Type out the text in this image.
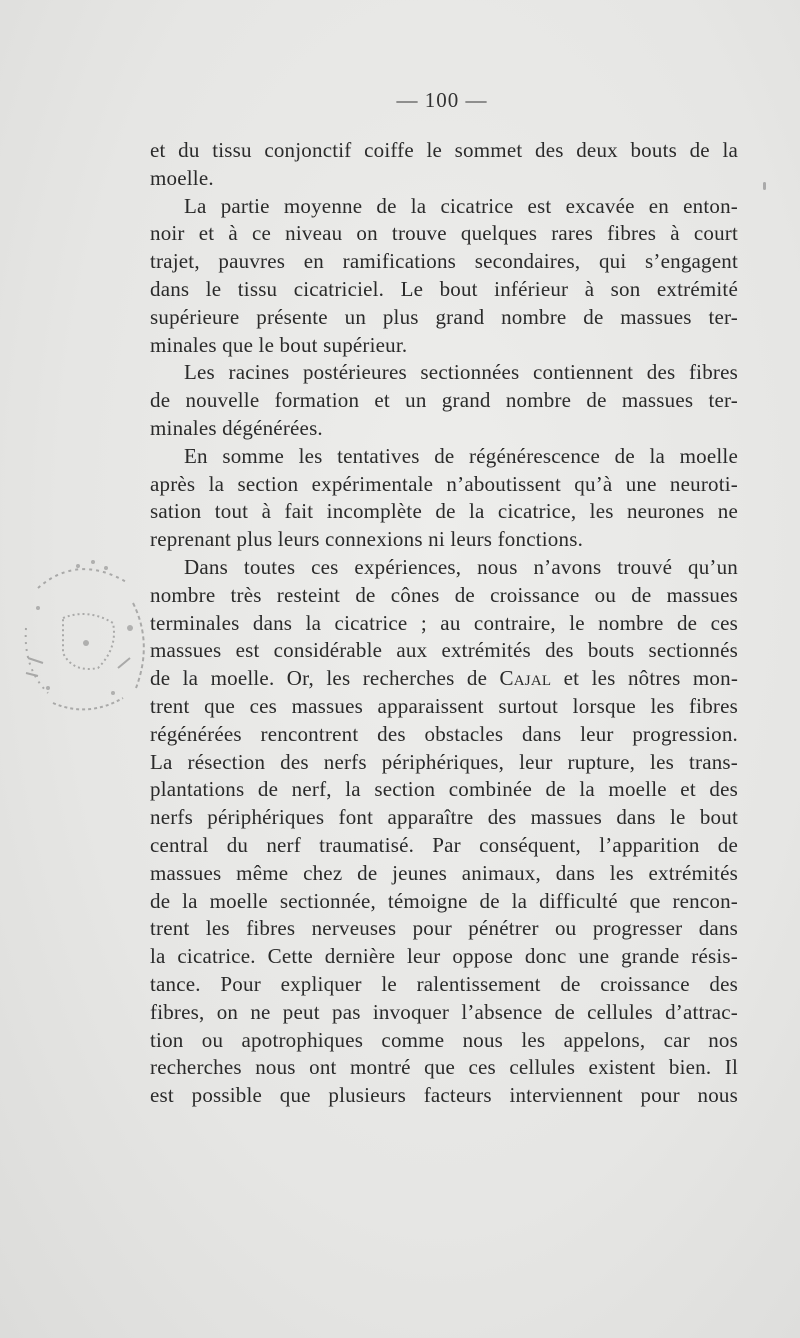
— 100 —
et du tissu conjonctif coiffe le sommet des deux bouts de la
moelle.
La partie moyenne de la cicatrice est excavée en enton-
noir et à ce niveau on trouve quelques rares fibres à court
trajet, pauvres en ramifications secondaires, qui s’engagent
dans le tissu cicatriciel. Le bout inférieur à son extrémité
supérieure présente un plus grand nombre de massues ter-
minales que le bout supérieur.
Les racines postérieures sectionnées contiennent des fibres
de nouvelle formation et un grand nombre de massues ter-
minales dégénérées.
En somme les tentatives de régénérescence de la moelle
après la section expérimentale n’aboutissent qu’à une neuroti-
sation tout à fait incomplète de la cicatrice, les neurones ne
reprenant plus leurs connexions ni leurs fonctions.
Dans toutes ces expériences, nous n’avons trouvé qu’un
nombre très resteint de cônes de croissance ou de massues
terminales dans la cicatrice ; au contraire, le nombre de ces
massues est considérable aux extrémités des bouts sectionnés
de la moelle. Or, les recherches de Cajal et les nôtres mon-
trent que ces massues apparaissent surtout lorsque les fibres
régénérées rencontrent des obstacles dans leur progression.
La résection des nerfs périphériques, leur rupture, les trans-
plantations de nerf, la section combinée de la moelle et des
nerfs périphériques font apparaître des massues dans le bout
central du nerf traumatisé. Par conséquent, l’apparition de
massues même chez de jeunes animaux, dans les extrémités
de la moelle sectionnée, témoigne de la difficulté que rencon-
trent les fibres nerveuses pour pénétrer ou progresser dans
la cicatrice. Cette dernière leur oppose donc une grande résis-
tance. Pour expliquer le ralentissement de croissance des
fibres, on ne peut pas invoquer l’absence de cellules d’attrac-
tion ou apotrophiques comme nous les appelons, car nos
recherches nous ont montré que ces cellules existent bien. Il
est possible que plusieurs facteurs interviennent pour nous
